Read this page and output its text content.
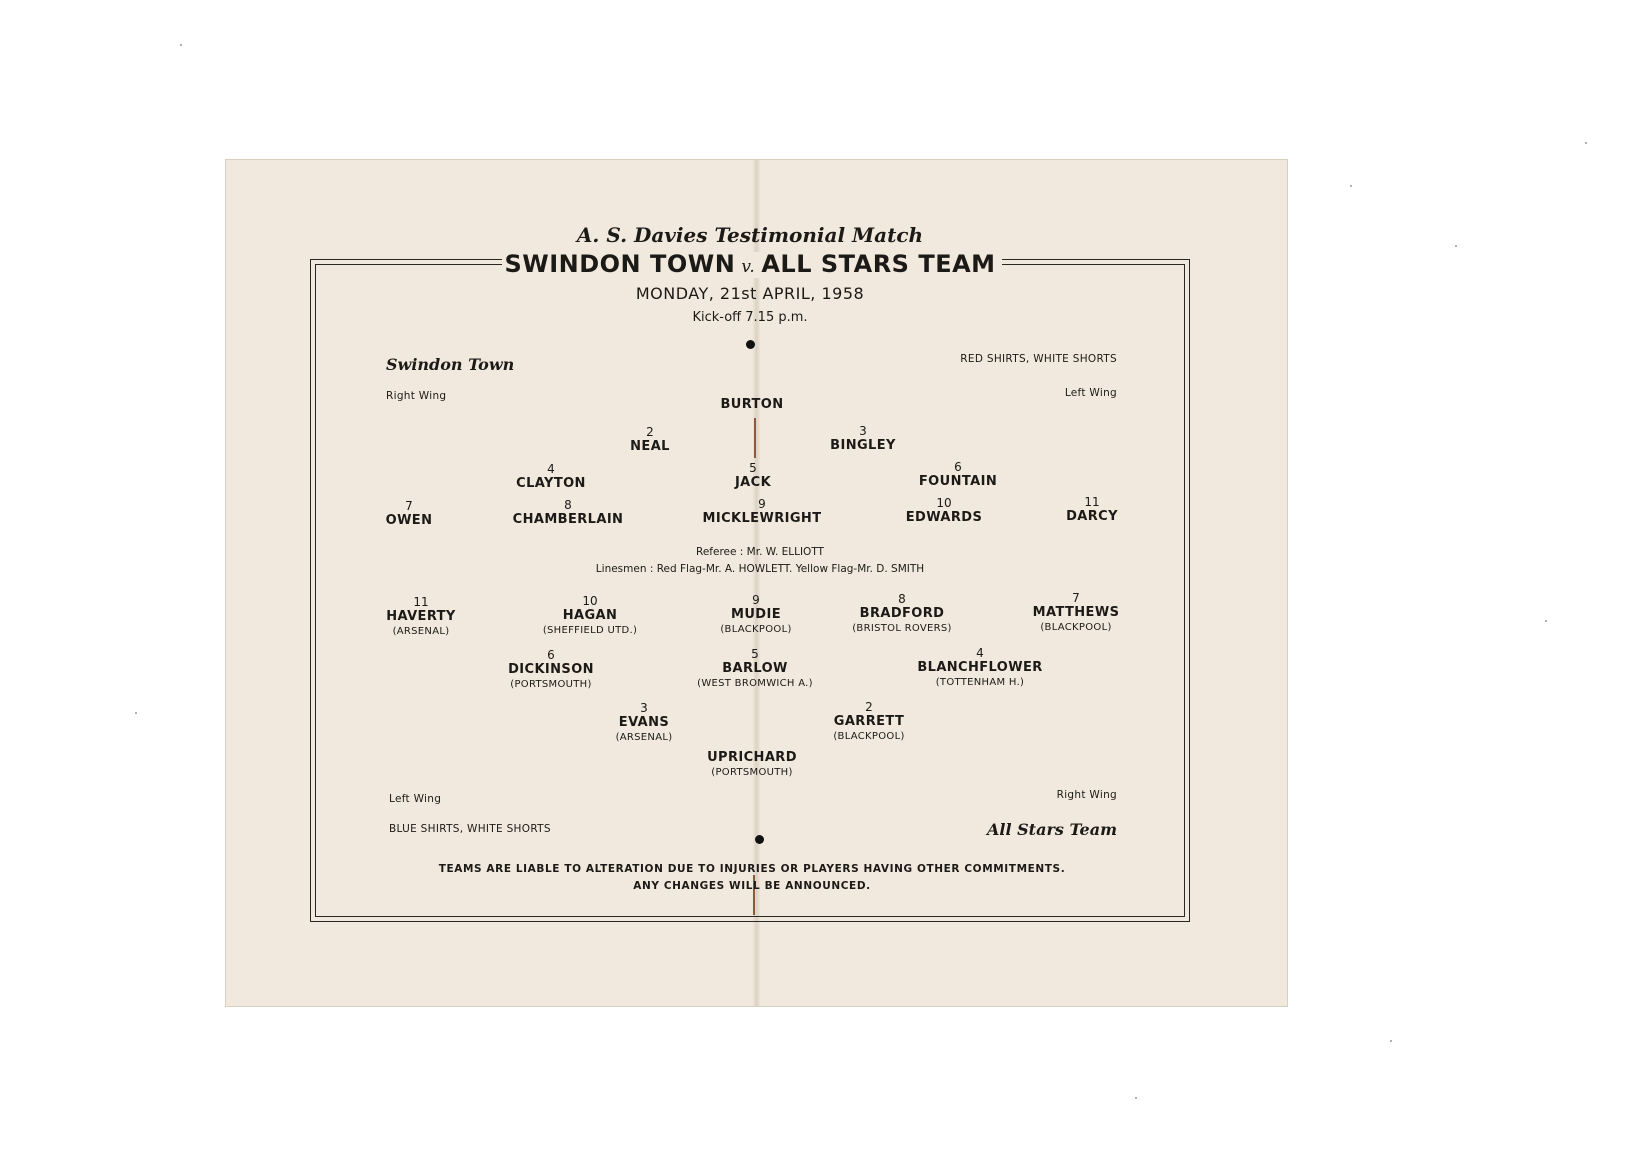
A. S. Davies Testimonial Match
SWINDON TOWN v. ALL STARS TEAM
MONDAY, 21st APRIL, 1958
Kick-off 7.15 p.m.
Swindon Town	RED SHIRTS, WHITE SHORTS
Right Wing	Left Wing
BURTON
2
NEAL
3
BINGLEY
4
CLAYTON
5
JACK
6
FOUNTAIN
7
OWEN
8
CHAMBERLAIN
9
MICKLEWRIGHT
10
EDWARDS
11
DARCY
Referee : Mr. W. ELLIOTT
Linesmen : Red Flag-Mr. A. HOWLETT. Yellow Flag-Mr. D. SMITH
11
HAVERTY
(ARSENAL)
10
HAGAN
(SHEFFIELD UTD.)
9
MUDIE
(BLACKPOOL)
8
BRADFORD
(BRISTOL ROVERS)
7
MATTHEWS
(BLACKPOOL)
6
DICKINSON
(PORTSMOUTH)
5
BARLOW
(WEST BROMWICH A.)
4
BLANCHFLOWER
(TOTTENHAM H.)
3
EVANS
(ARSENAL)
2
GARRETT
(BLACKPOOL)
UPRICHARD
(PORTSMOUTH)
Left Wing	Right Wing
BLUE SHIRTS, WHITE SHORTS	All Stars Team
TEAMS ARE LIABLE TO ALTERATION DUE TO INJURIES OR PLAYERS HAVING OTHER COMMITMENTS.
ANY CHANGES WILL BE ANNOUNCED.
